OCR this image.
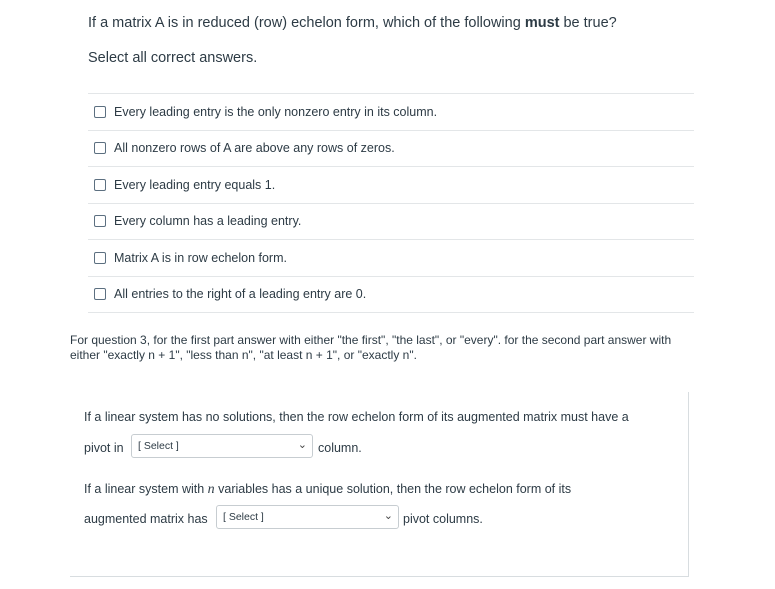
If a matrix A is in reduced (row) echelon form, which of the following must be true?
Select all correct answers.
Every leading entry is the only nonzero entry in its column.
All nonzero rows of A are above any rows of zeros.
Every leading entry equals 1.
Every column has a leading entry.
Matrix A is in row echelon form.
All entries to the right of a leading entry are 0.
For question 3, for the first part answer with either "the first", "the last", or "every". for the second part answer with either "exactly n + 1", "less than n", "at least n + 1", or "exactly n".
If a linear system has no solutions, then the row echelon form of its augmented matrix must have a
pivot in [ Select ]	⌄ column.
If a linear system with n variables has a unique solution, then the row echelon form of its
augmented matrix has [ Select ]	⌄ pivot columns.
